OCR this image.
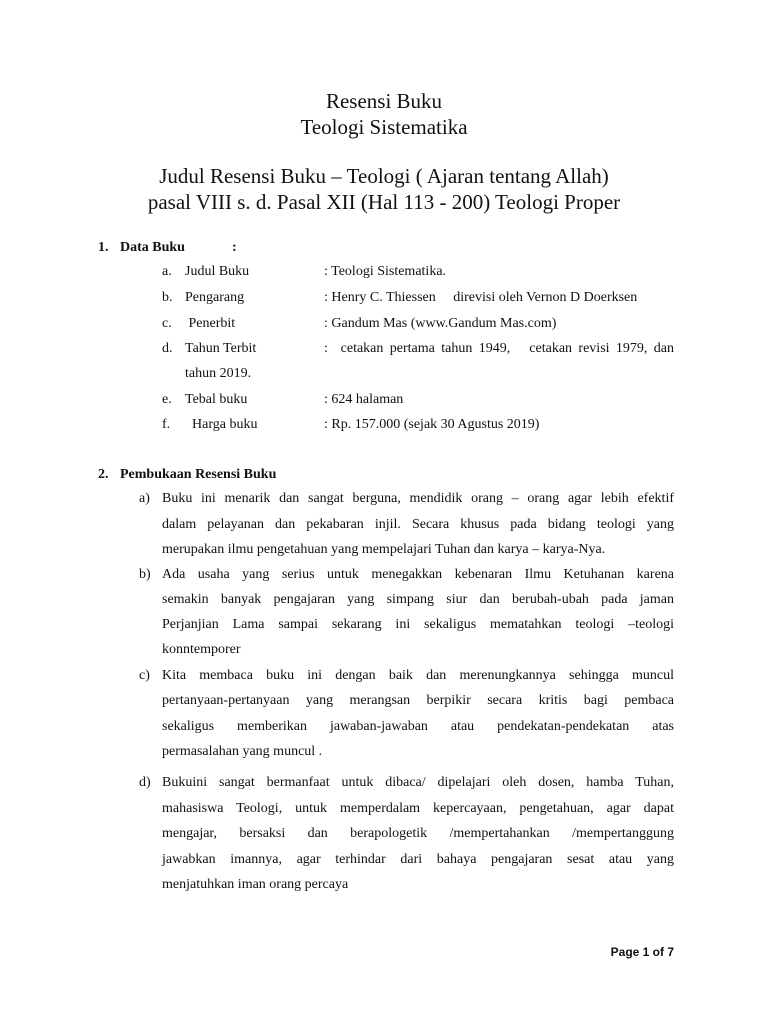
Resensi Buku
Teologi Sistematika
Judul Resensi Buku – Teologi ( Ajaran tentang Allah)
pasal VIII s. d. Pasal XII (Hal 113 - 200) Teologi Proper
1. Data Buku	:
a. Judul Buku	: Teologi Sistematika.
b. Pengarang	: Henry C. Thiessen     direvisi oleh Vernon D Doerksen
c. Penerbit	: Gandum Mas (www.Gandum Mas.com)
d. Tahun Terbit	:  cetakan pertama tahun 1949,   cetakan revisi 1979, dan
tahun 2019.
e. Tebal buku	: 624 halaman
f. Harga buku	: Rp. 157.000 (sejak 30 Agustus 2019)
2. Pembukaan Resensi Buku
a) Buku ini menarik dan sangat berguna, mendidik orang – orang agar lebih efektif
dalam pelayanan dan pekabaran injil. Secara khusus pada bidang teologi yang
merupakan ilmu pengetahuan yang mempelajari Tuhan dan karya – karya-Nya.
b) Ada usaha yang serius untuk menegakkan kebenaran Ilmu Ketuhanan karena
semakin banyak pengajaran yang simpang siur dan berubah-ubah pada jaman
Perjanjian Lama sampai sekarang ini sekaligus mematahkan teologi –teologi
konntemporer
c) Kita membaca buku ini dengan baik dan merenungkannya sehingga muncul
pertanyaan-pertanyaan yang merangsan berpikir secara kritis bagi pembaca
sekaligus memberikan jawaban-jawaban atau pendekatan-pendekatan atas
permasalahan yang muncul .
d) Bukuini sangat bermanfaat untuk dibaca/ dipelajari oleh dosen, hamba Tuhan,
mahasiswa Teologi, untuk memperdalam kepercayaan, pengetahuan, agar dapat
mengajar, bersaksi dan berapologetik /mempertahankan /mempertanggung
jawabkan imannya, agar terhindar dari bahaya pengajaran sesat atau yang
menjatuhkan iman orang percaya
Page 1 of 7
